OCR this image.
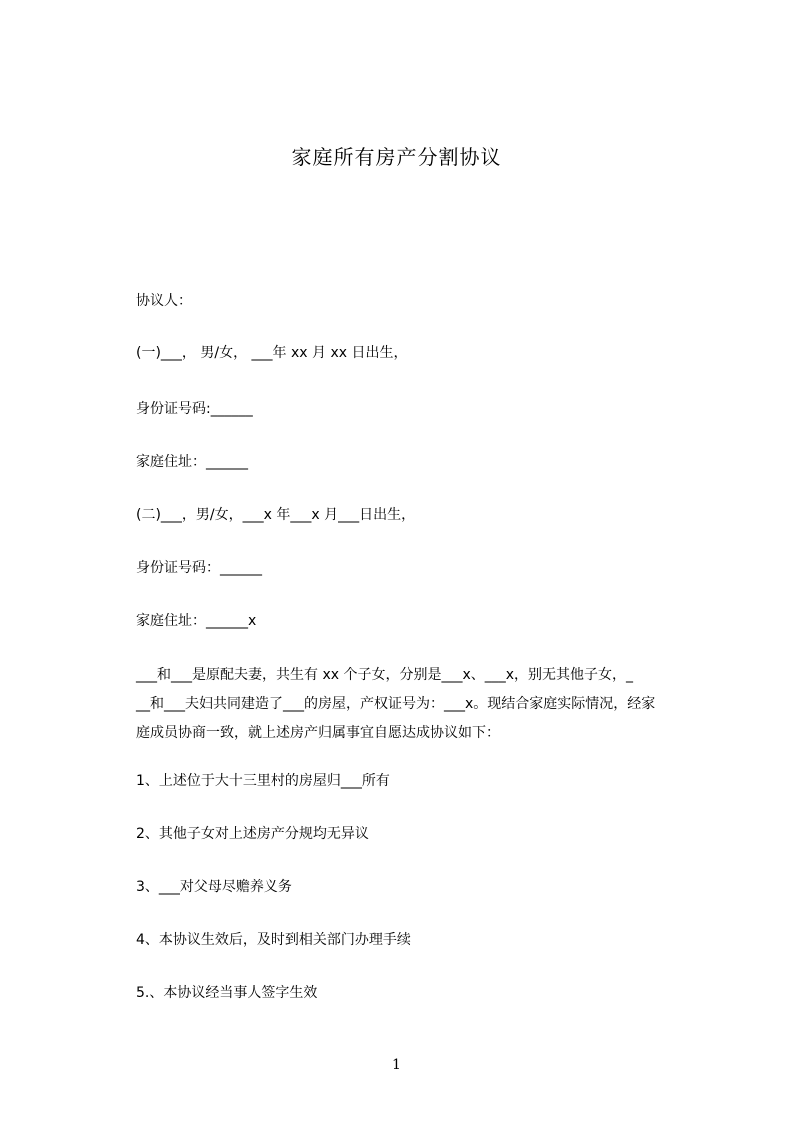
家庭所有房产分割协议
协议人：
(一)___， 男/女， ___年 xx 月 xx 日出生，
身份证号码:______
家庭住址：______
(二)___，男/女，___x 年___x 月___日出生，
身份证号码：______
家庭住址：______x
___和___是原配夫妻，共生有 xx 个子女，分别是___x、___x，别无其他子女，_
__和___夫妇共同建造了___的房屋，产权证号为：___x。现结合家庭实际情况，经家
庭成员协商一致，就上述房产归属事宜自愿达成协议如下：
1、上述位于大十三里村的房屋归___所有
2、其他子女对上述房产分规均无异议
3、___对父母尽赡养义务
4、本协议生效后，及时到相关部门办理手续
5.、本协议经当事人签字生效
1
